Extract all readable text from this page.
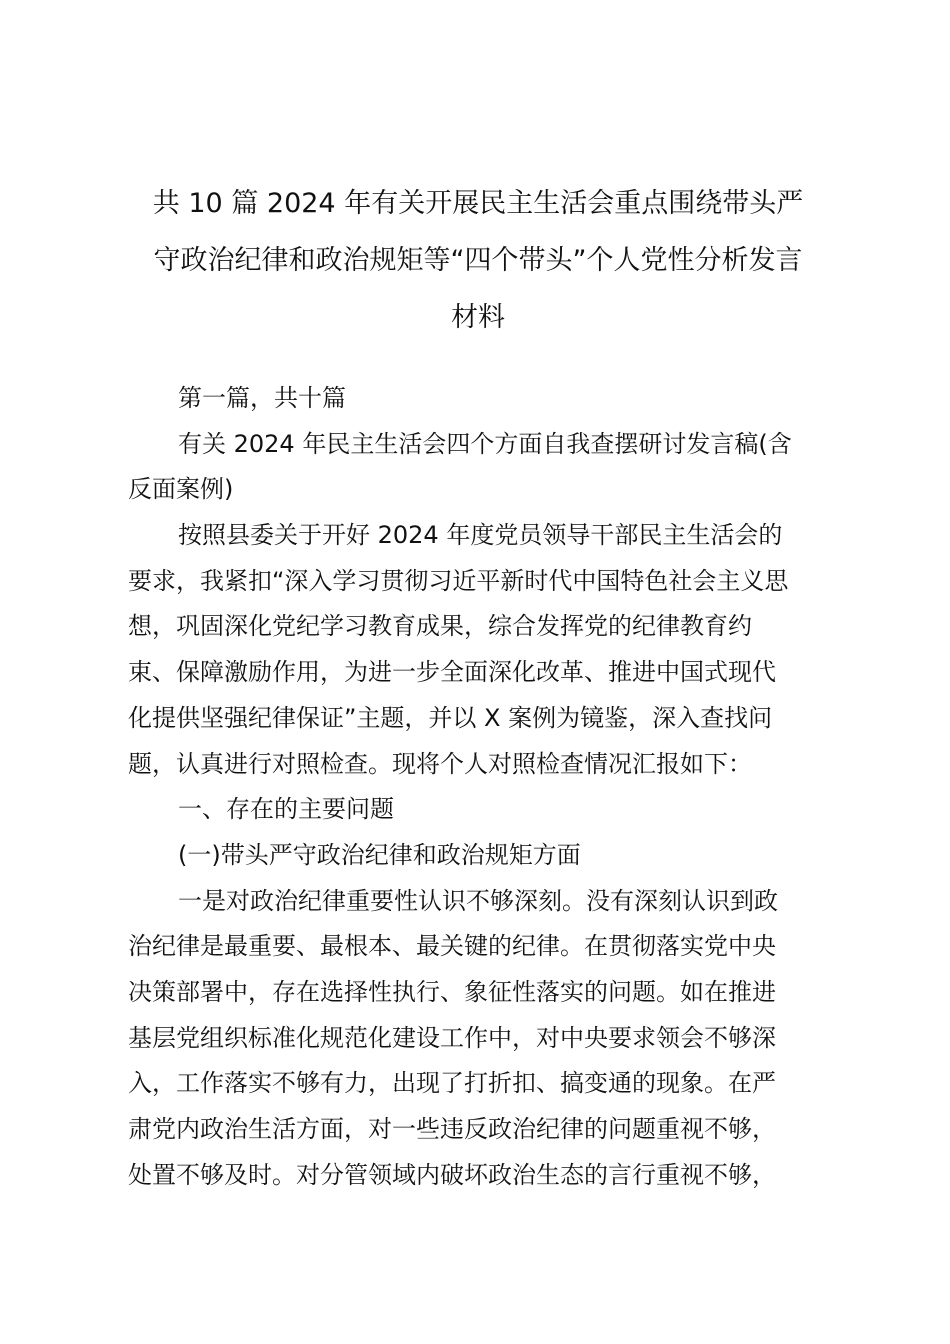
共 10 篇 2024 年有关开展民主生活会重点围绕带头严
守政治纪律和政治规矩等“四个带头”个人党性分析发言
材料
第一篇，共十篇
有关 2024 年民主生活会四个方面自我查摆研讨发言稿(含
反面案例)
按照县委关于开好 2024 年度党员领导干部民主生活会的
要求，我紧扣“深入学习贯彻习近平新时代中国特色社会主义思
想，巩固深化党纪学习教育成果，综合发挥党的纪律教育约
束、保障激励作用，为进一步全面深化改革、推进中国式现代
化提供坚强纪律保证”主题，并以 X 案例为镜鉴，深入查找问
题，认真进行对照检查。现将个人对照检查情况汇报如下：
一、存在的主要问题
(一)带头严守政治纪律和政治规矩方面
一是对政治纪律重要性认识不够深刻。没有深刻认识到政
治纪律是最重要、最根本、最关键的纪律。在贯彻落实党中央
决策部署中，存在选择性执行、象征性落实的问题。如在推进
基层党组织标准化规范化建设工作中，对中央要求领会不够深
入，工作落实不够有力，出现了打折扣、搞变通的现象。在严
肃党内政治生活方面，对一些违反政治纪律的问题重视不够，
处置不够及时。对分管领域内破坏政治生态的言行重视不够，
